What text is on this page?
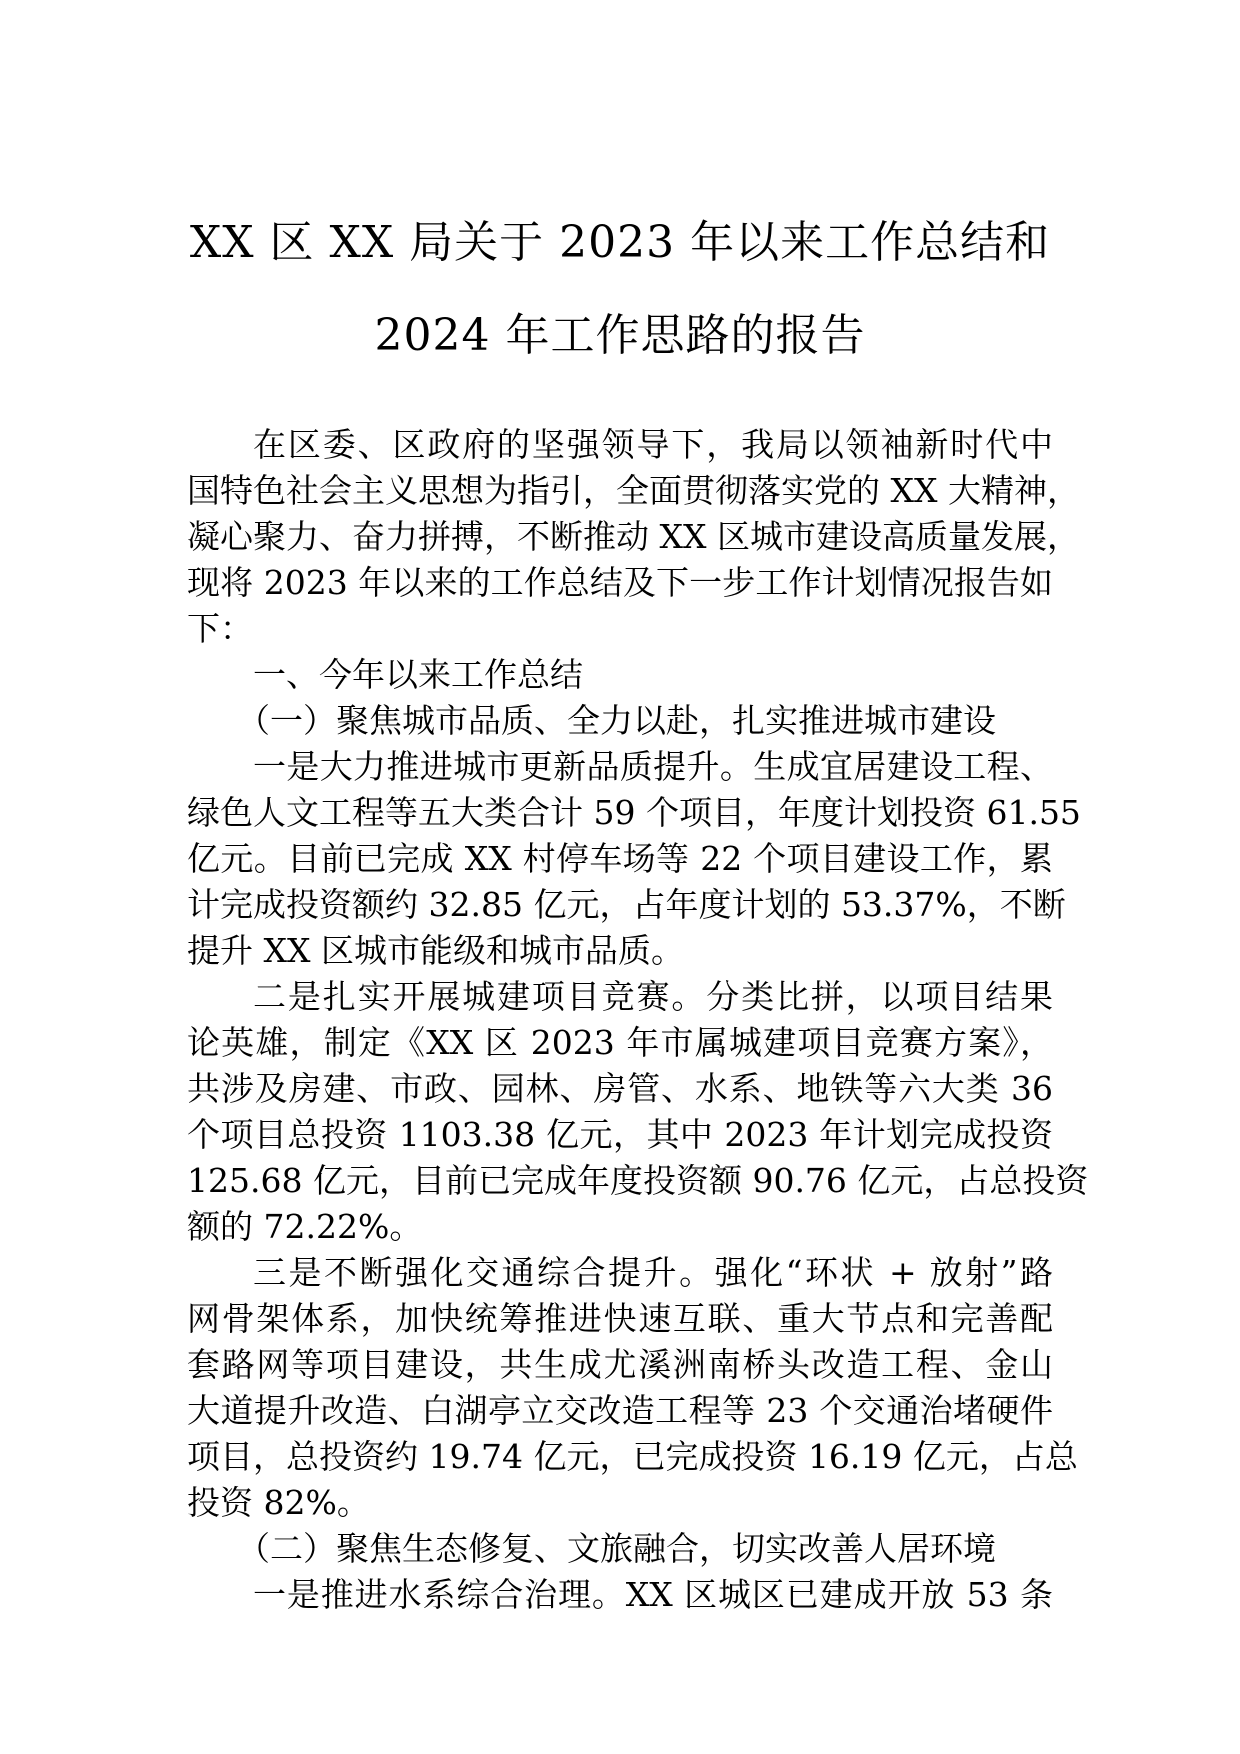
XX 区 XX 局关于 2023 年以来工作总结和
2024 年工作思路的报告
在区委、区政府的坚强领导下，我局以领袖新时代中
国特色社会主义思想为指引，全面贯彻落实党的 XX 大精神，
凝心聚力、奋力拼搏，不断推动 XX 区城市建设高质量发展，
现将 2023 年以来的工作总结及下一步工作计划情况报告如
下：
一、今年以来工作总结
（一）聚焦城市品质、全力以赴，扎实推进城市建设
一是大力推进城市更新品质提升。生成宜居建设工程、
绿色人文工程等五大类合计 59 个项目，年度计划投资 61.55
亿元。目前已完成 XX 村停车场等 22 个项目建设工作，累
计完成投资额约 32.85 亿元，占年度计划的 53.37%，不断
提升 XX 区城市能级和城市品质。
二是扎实开展城建项目竞赛。分类比拼，以项目结果
论英雄，制定《XX 区 2023 年市属城建项目竞赛方案》，
共涉及房建、市政、园林、房管、水系、地铁等六大类 36
个项目总投资 1103.38 亿元，其中 2023 年计划完成投资
125.68 亿元，目前已完成年度投资额 90.76 亿元，占总投资
额的 72.22%。
三是不断强化交通综合提升。强化“环状 + 放射”路
网骨架体系，加快统筹推进快速互联、重大节点和完善配
套路网等项目建设，共生成尤溪洲南桥头改造工程、金山
大道提升改造、白湖亭立交改造工程等 23 个交通治堵硬件
项目，总投资约 19.74 亿元，已完成投资 16.19 亿元，占总
投资 82%。
（二）聚焦生态修复、文旅融合，切实改善人居环境
一是推进水系综合治理。XX 区城区已建成开放 53 条
